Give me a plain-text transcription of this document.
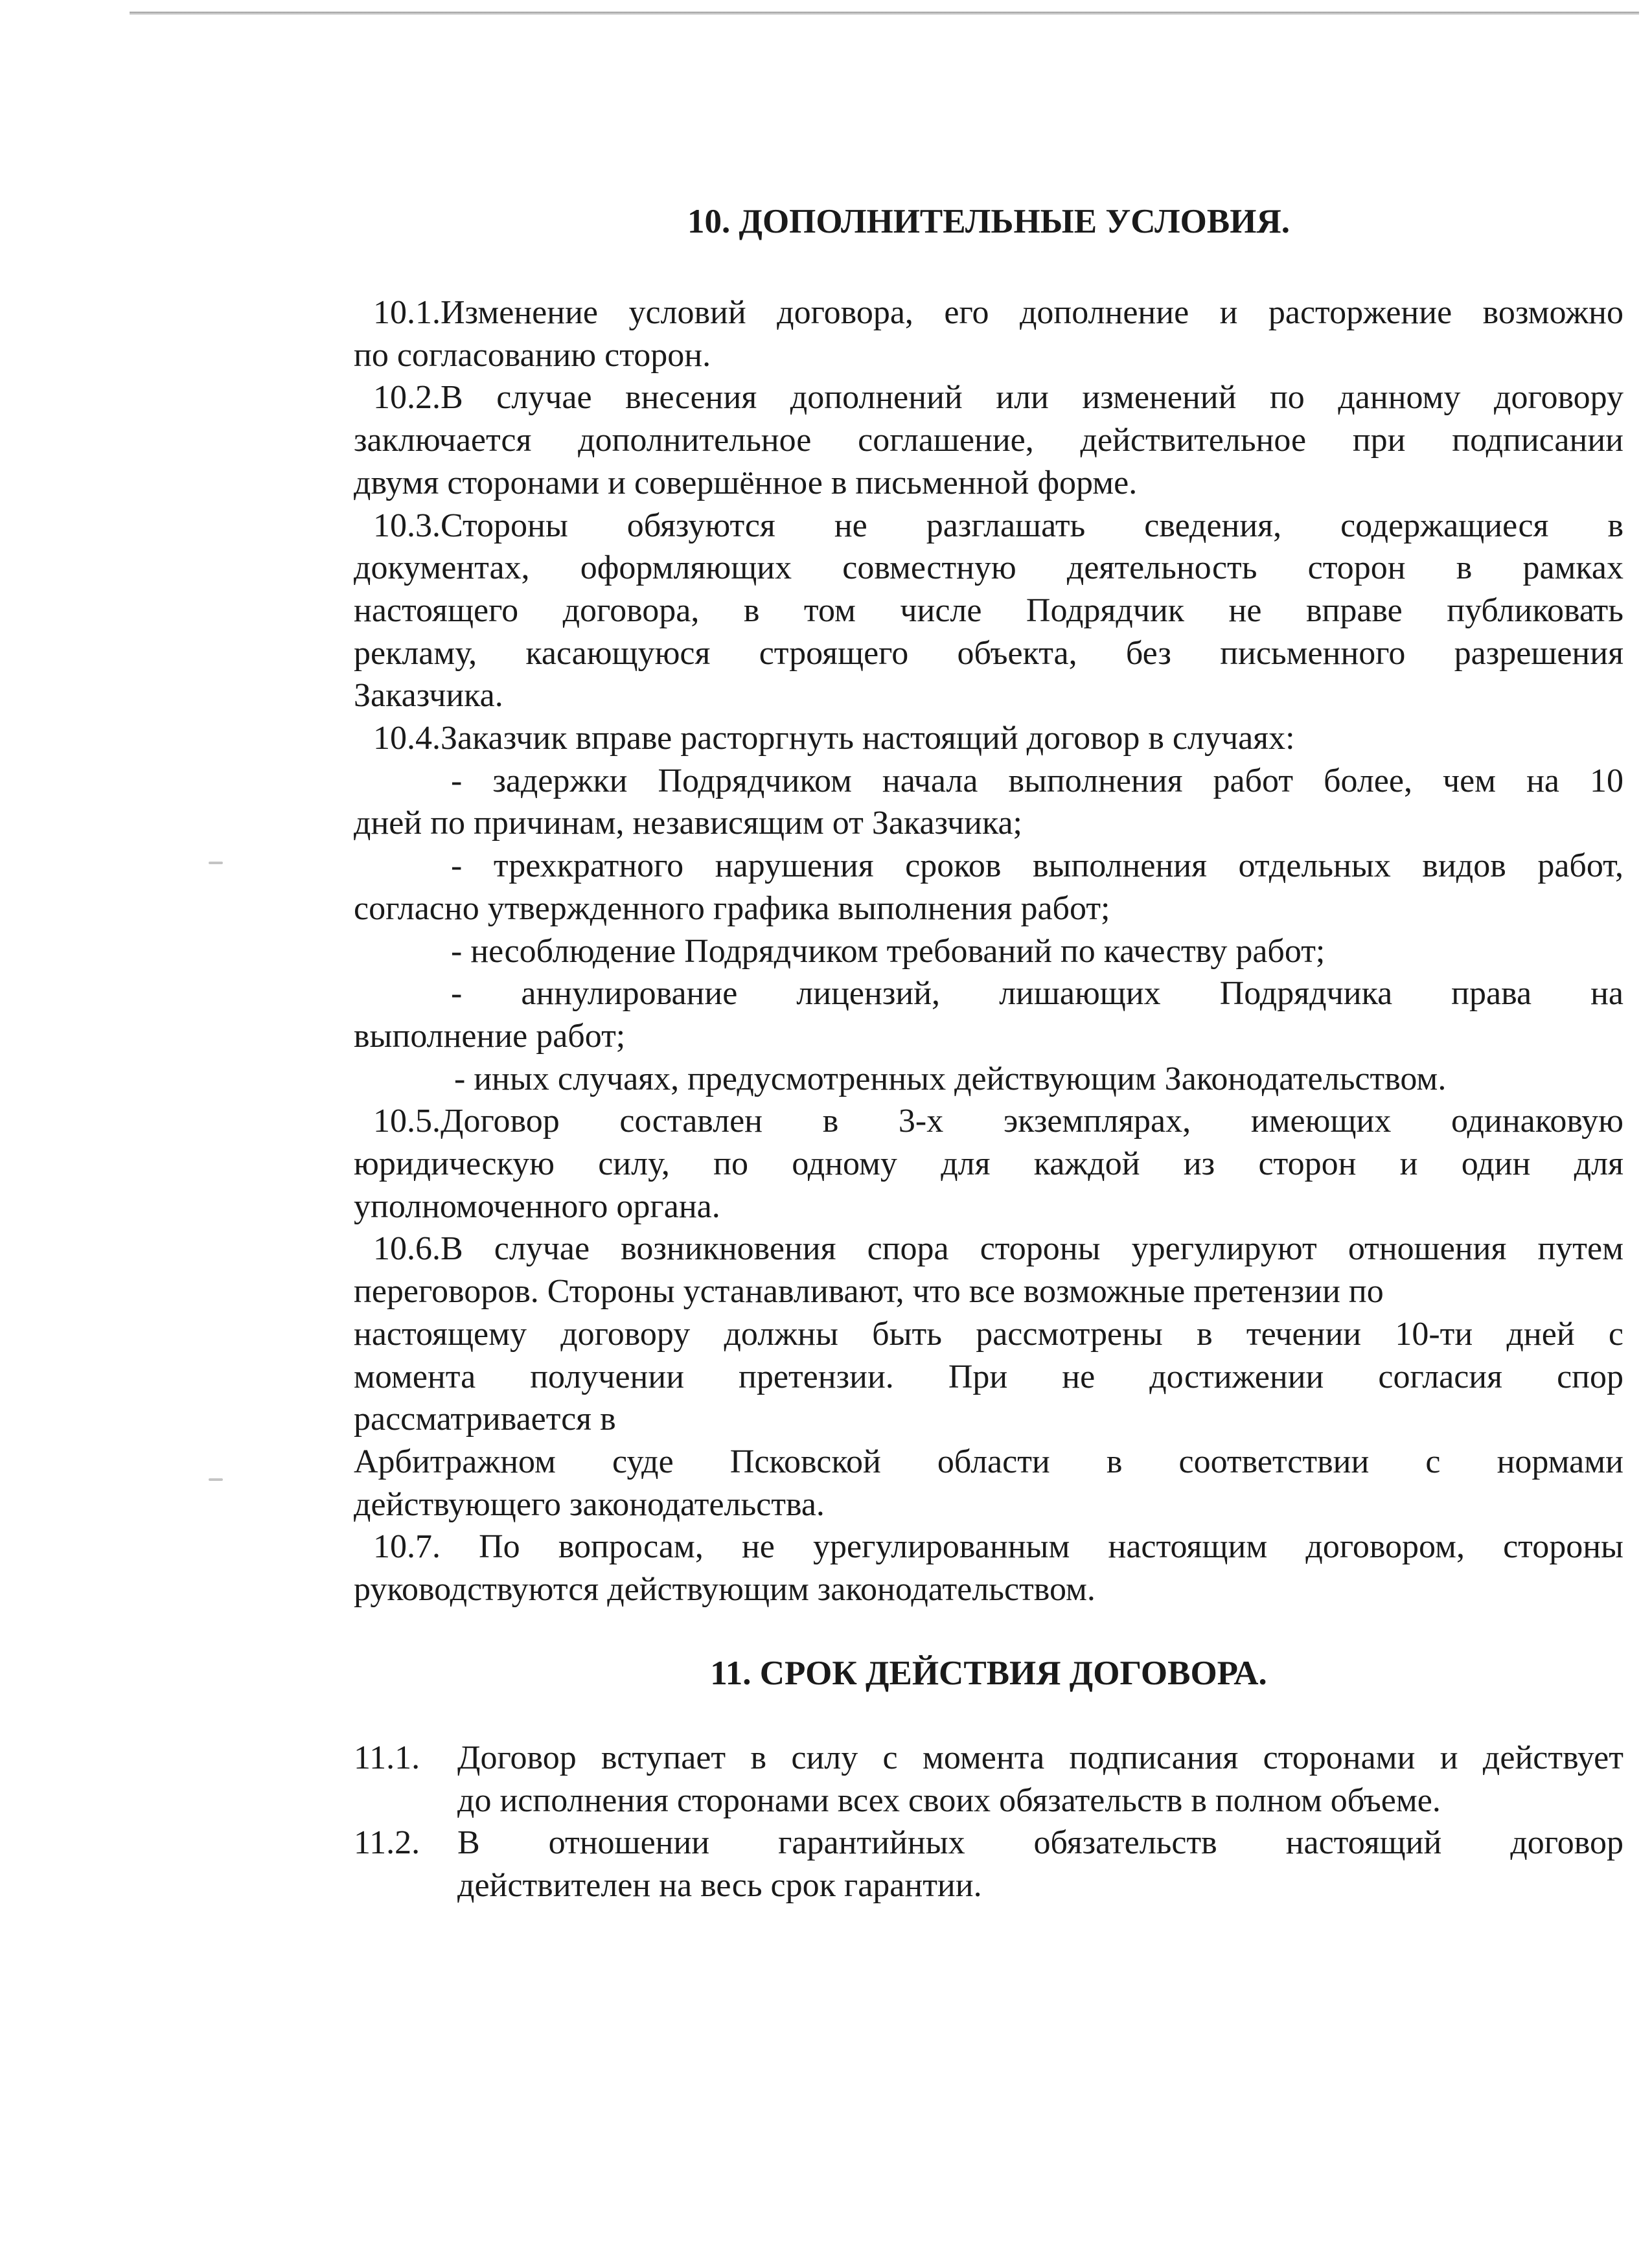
10. ДОПОЛНИТЕЛЬНЫЕ УСЛОВИЯ.

10.1.Изменение условий договора, его дополнение и расторжение возможно

по согласованию сторон.

10.2.В случае внесения дополнений или изменений по данному договору

заключается дополнительное соглашение, действительное при подписании

двумя сторонами и совершённое в письменной форме.

10.3.Стороны обязуются не разглашать сведения, содержащиеся в

документах, оформляющих совместную деятельность сторон в рамках

настоящего договора, в том числе Подрядчик не вправе публиковать

рекламу, касающуюся строящего объекта, без письменного разрешения

Заказчика.

10.4.Заказчик вправе расторгнуть настоящий договор в случаях:

- задержки Подрядчиком начала выполнения работ более, чем на 10

дней по причинам, независящим от Заказчика;

- трехкратного нарушения сроков выполнения отдельных видов работ,

согласно утвержденного графика выполнения работ;

- несоблюдение Подрядчиком требований по качеству работ;

- аннулирование лицензий, лишающих Подрядчика права на

выполнение работ;

- иных случаях, предусмотренных действующим Законодательством.

10.5.Договор составлен в 3-х экземплярах, имеющих одинаковую

юридическую силу, по одному для каждой из сторон и один для

уполномоченного органа.

10.6.В случае возникновения спора стороны урегулируют отношения путем

переговоров. Стороны устанавливают, что все возможные претензии по

настоящему договору должны быть рассмотрены в течении 10-ти дней с

момента получении претензии. При не достижении согласия спор

рассматривается в

Арбитражном суде Псковской области в соответствии с нормами

действующего законодательства.

10.7. По вопросам, не урегулированным настоящим договором, стороны

руководствуются действующим законодательством.

11. СРОК ДЕЙСТВИЯ ДОГОВОРА.
11.1.	Договор вступает в силу с момента подписания сторонами и действует

до исполнения сторонами всех своих обязательств в полном объеме.

11.2.	В отношении гарантийных обязательств настоящий договор

действителен на весь срок гарантии.
